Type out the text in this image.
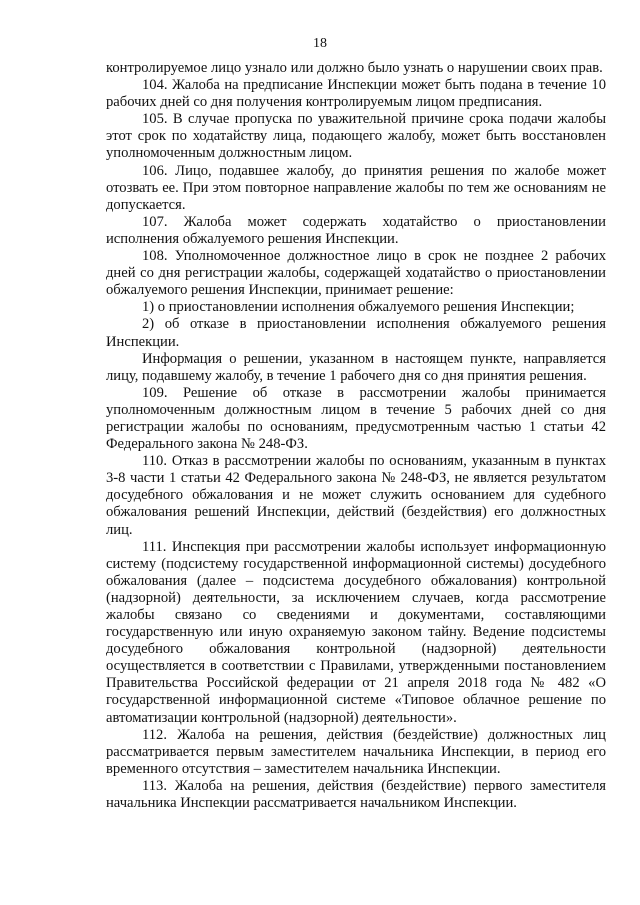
18

контролируемое лицо узнало или должно было узнать о нарушении своих прав.

104. Жалоба на предписание Инспекции может быть подана в течение 10 рабочих дней со дня получения контролируемым лицом предписания.

105. В случае пропуска по уважительной причине срока подачи жалобы этот срок по ходатайству лица, подающего жалобу, может быть восстановлен уполномоченным должностным лицом.

106. Лицо, подавшее жалобу, до принятия решения по жалобе может отозвать ее. При этом повторное направление жалобы по тем же основаниям не допускается.

107. Жалоба может содержать ходатайство о приостановлении исполнения обжалуемого решения Инспекции.

108. Уполномоченное должностное лицо в срок не позднее 2 рабочих дней со дня регистрации жалобы, содержащей ходатайство о приостановлении обжалуемого решения Инспекции, принимает решение:

1) о приостановлении исполнения обжалуемого решения Инспекции;

2) об отказе в приостановлении исполнения обжалуемого решения Инспекции.

Информация о решении, указанном в настоящем пункте, направляется лицу, подавшему жалобу, в течение 1 рабочего дня со дня принятия решения.

109. Решение об отказе в рассмотрении жалобы принимается уполномоченным должностным лицом в течение 5 рабочих дней со дня регистрации жалобы по основаниям, предусмотренным частью 1 статьи 42 Федерального закона № 248-ФЗ.

110. Отказ в рассмотрении жалобы по основаниям, указанным в пунктах 3-8 части 1 статьи 42 Федерального закона № 248-ФЗ, не является результатом досудебного обжалования и не может служить основанием для судебного обжалования решений Инспекции, действий (бездействия) его должностных лиц.

111. Инспекция при рассмотрении жалобы использует информационную систему (подсистему государственной информационной системы) досудебного обжалования (далее – подсистема досудебного обжалования) контрольной (надзорной) деятельности, за исключением случаев, когда рассмотрение жалобы связано со сведениями и документами, составляющими государственную или иную охраняемую законом тайну. Ведение подсистемы досудебного обжалования контрольной (надзорной) деятельности осуществляется в соответствии с Правилами, утвержденными постановлением Правительства Российской федерации от 21 апреля 2018 года № 482 «О государственной информационной системе «Типовое облачное решение по автоматизации контрольной (надзорной) деятельности».

112. Жалоба на решения, действия (бездействие) должностных лиц рассматривается первым заместителем начальника Инспекции, в период его временного отсутствия – заместителем начальника Инспекции.

113. Жалоба на решения, действия (бездействие) первого заместителя начальника Инспекции рассматривается начальником Инспекции.
